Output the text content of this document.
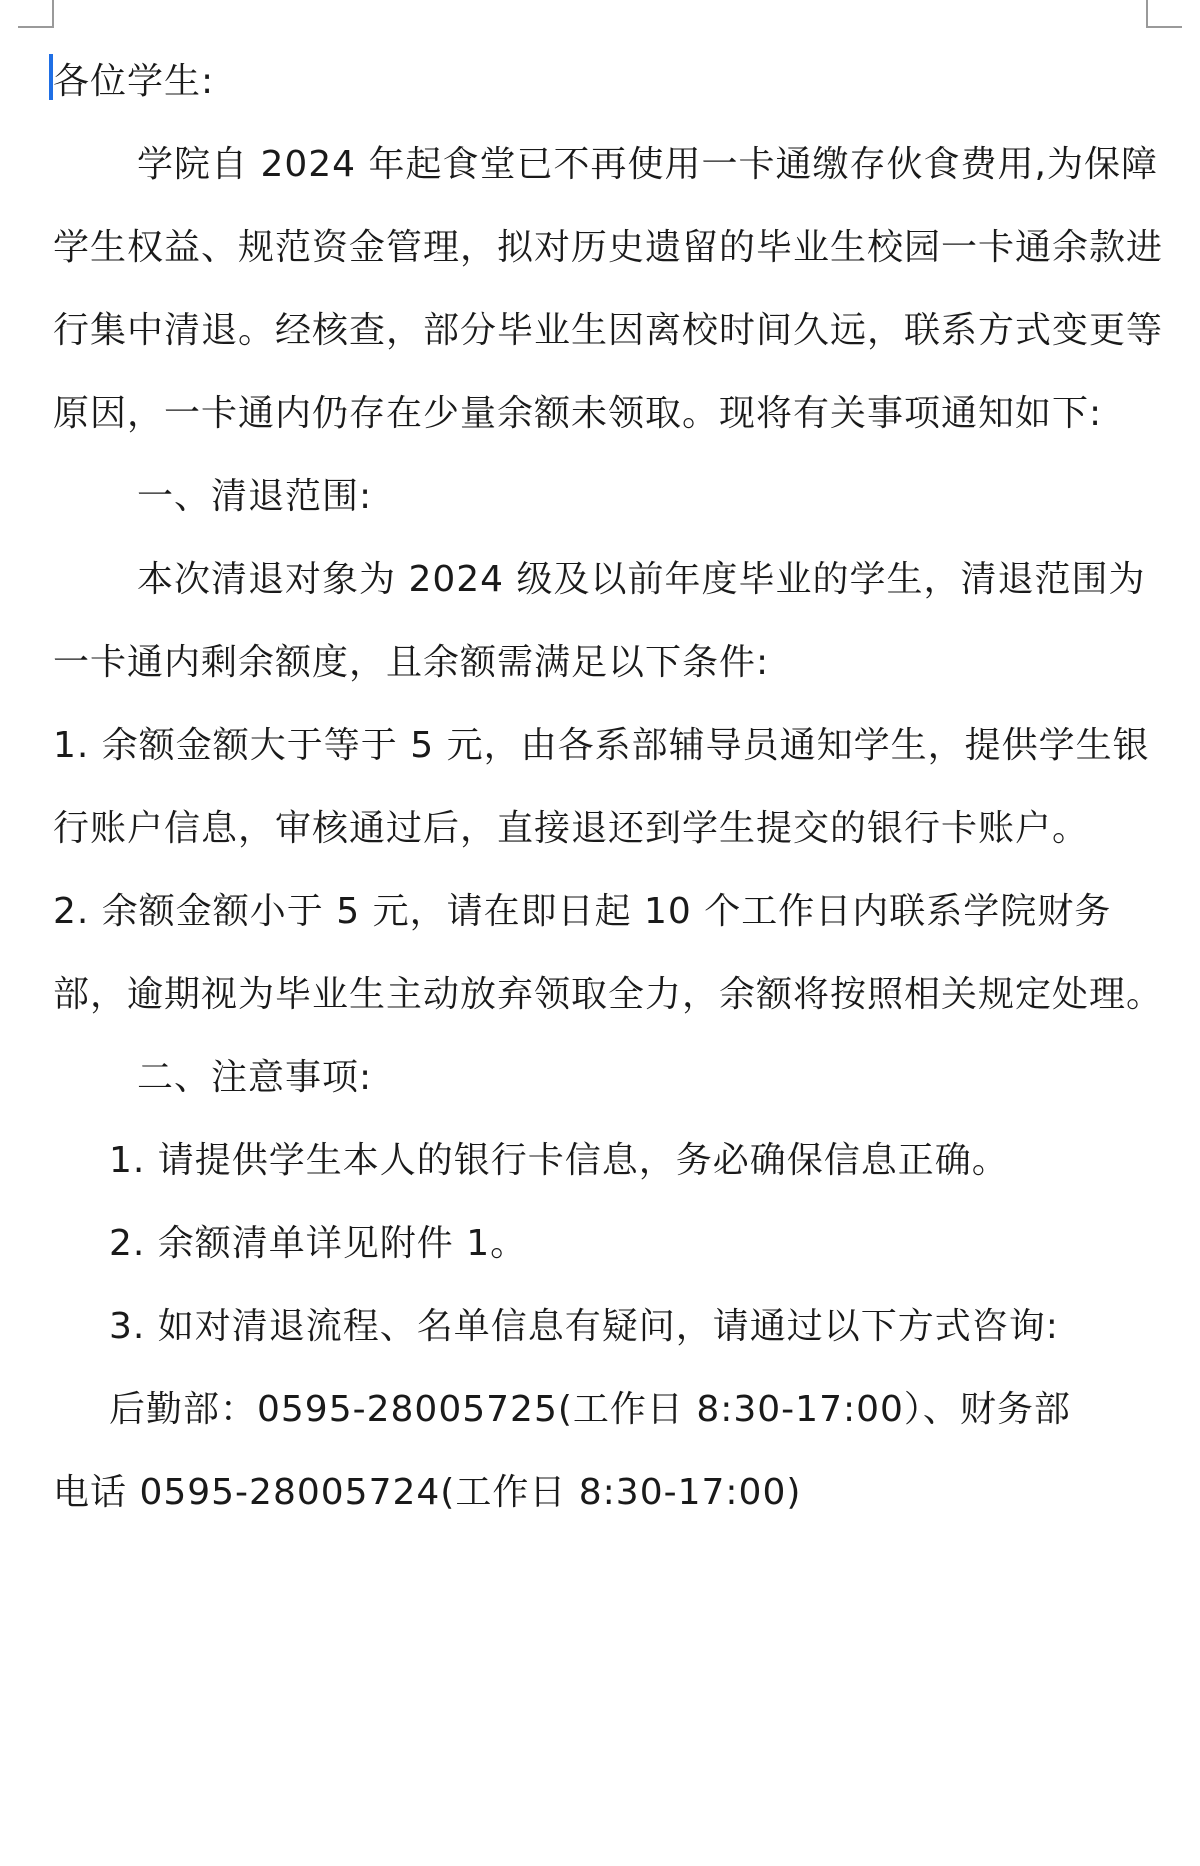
各位学生:

学院自 2024 年起食堂已不再使用一卡通缴存伙食费用,为保障学生权益、规范资金管理，拟对历史遗留的毕业生校园一卡通余款进行集中清退。经核查，部分毕业生因离校时间久远，联系方式变更等原因，一卡通内仍存在少量余额未领取。现将有关事项通知如下:

一、清退范围:

本次清退对象为 2024 级及以前年度毕业的学生，清退范围为一卡通内剩余额度，且余额需满足以下条件:

1. 余额金额大于等于 5 元，由各系部辅导员通知学生，提供学生银行账户信息，审核通过后，直接退还到学生提交的银行卡账户。

2. 余额金额小于 5 元，请在即日起 10 个工作日内联系学院财务部，逾期视为毕业生主动放弃领取全力，余额将按照相关规定处理。

二、注意事项:

1. 请提供学生本人的银行卡信息，务必确保信息正确。

2. 余额清单详见附件 1。

3. 如对清退流程、名单信息有疑问，请通过以下方式咨询:

后勤部：0595-28005725(工作日 8:30-17:00）、财务部

电话 0595-28005724(工作日 8:30-17:00)
